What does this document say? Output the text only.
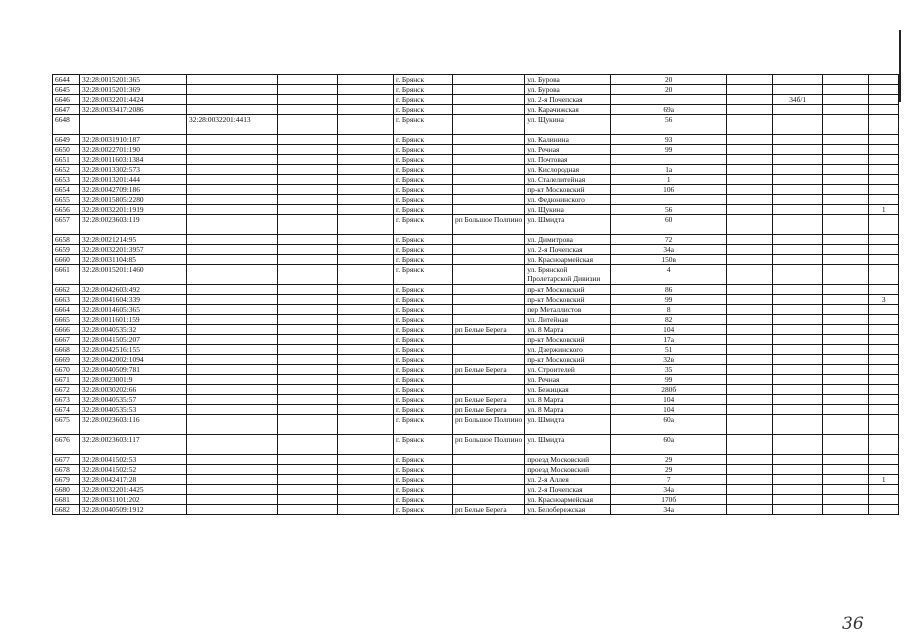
6644	32:28:0015201:365				г. Брянск		ул. Бурова	20				
6645	32:28:0015201:369				г. Брянск		ул. Бурова	20				
6646	32:28:0032201:4424				г. Брянск		ул. 2-я Почепская			34б/1		
6647	32:28:0033417:2086				г. Брянск		ул. Карачижская	69а				
6648		32:28:0032201:4413			г. Брянск		ул. Щукина	56				
6649	32:28:0031910:187				г. Брянск		ул. Калинина	93				
6650	32:28:0022701:190				г. Брянск		ул. Речная	99				
6651	32:28:0011603:1384				г. Брянск		ул. Почтовая					
6652	32:28:0013302:573				г. Брянск		ул. Кислородная	1а				
6653	32:28:0013201:444				г. Брянск		ул. Сталелитейная	1				
6654	32:28:0042709:186				г. Брянск		пр-кт Московский	106				
6655	32:28:0015805:2280				г. Брянск		ул. Федюнинского					
6656	32:28:0032201:1919				г. Брянск		ул. Щукина	56				1
6657	32:28:0023603:119				г. Брянск	рп Большое Полпино	ул. Шмидта	60				
6658	32:28:0021214:95				г. Брянск		ул. Димитрова	72				
6659	32:28:0032201:3957				г. Брянск		ул. 2-я Почепская	34а				
6660	32:28:0031104:85				г. Брянск		ул. Красноармейская	150в				
6661	32:28:0015201:1460				г. Брянск		ул. Брянской Пролетарской Дивизии	4				
6662	32:28:0042603:492				г. Брянск		пр-кт Московский	86				
6663	32:28:0041604:339				г. Брянск		пр-кт Московский	99				3
6664	32:28:0014605:365				г. Брянск		пер Металлистов	8				
6665	32:28:0011601:159				г. Брянск		ул. Литейная	82				
6666	32:28:0040535:32				г. Брянск	рп Белые Берега	ул. 8 Марта	104				
6667	32:28:0041505:207				г. Брянск		пр-кт Московский	17а				
6668	32:28:0042516:155				г. Брянск		ул. Дзержинского	51				
6669	32:28:0042002:1094				г. Брянск		пр-кт Московский	32в				
6670	32:28:0040509:781				г. Брянск	рп Белые Берега	ул. Строителей	35				
6671	32:28:0023001:9				г. Брянск		ул. Речная	99				
6672	32:28:0030202:66				г. Брянск		ул. Бежицкая	280б				
6673	32:28:0040535:57				г. Брянск	рп Белые Берега	ул. 8 Марта	104				
6674	32:28:0040535:53				г. Брянск	рп Белые Берега	ул. 8 Марта	104				
6675	32:28:0023603:116				г. Брянск	рп Большое Полпино	ул. Шмидта	60а				
6676	32:28:0023603:117				г. Брянск	рп Большое Полпино	ул. Шмидта	60а				
6677	32:28:0041502:53				г. Брянск		проезд Московский	29				
6678	32:28:0041502:52				г. Брянск		проезд Московский	29				
6679	32:28:0042417:28				г. Брянск		ул. 2-я Аллея	7				1
6680	32:28:0032201:4425				г. Брянск		ул. 2-я Почепская	34а				
6681	32:28:0031101:202				г. Брянск		ул. Красноармейская	170б				
6682	32:28:0040509:1912				г. Брянск	рп Белые Берега	ул. Белобережская	34а				
36
